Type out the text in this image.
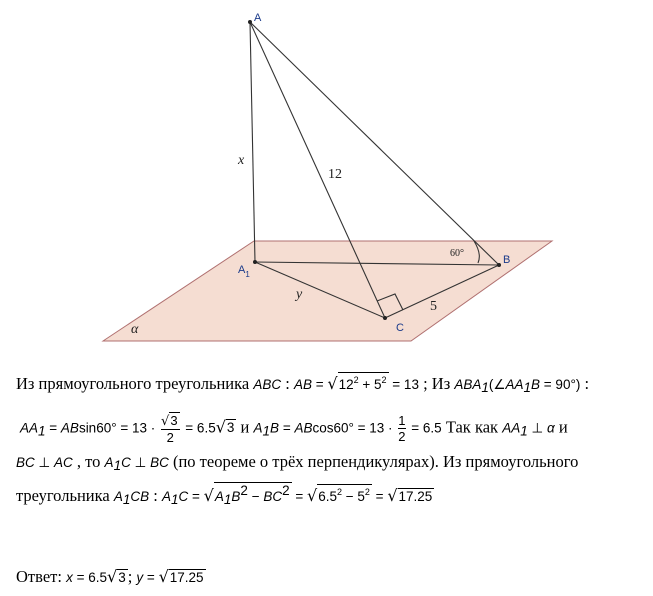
A
$A_1$
B
C
α
x
y
12
5
60°
Из прямоугольного треугольника ABC : AB = $√12^2 + 5^2 = 13$ ; Из $ABA_1(\angle AA_1B = 90^\circ)$ :
$AA_1 = ABsin60^\circ = 13 \cdot \frac{√3}{2} = 6.5√3$ и $A_1B = ABcos60^\circ = 13 \cdot \frac{1}{2} = 6.5$ Так как $AA_1$ ⊥ α и
BC ⊥ AC , то $A_1C$ ⊥ BC (по теореме о трёх перпендикулярах). Из прямоугольного
треугольника $A_1CB$ : $A_1C = √A_1B^2 - BC^2 = √6.5^2 - 5^2 = √17.25$
Ответ: x = 6.5√3 ; y = √17.25
